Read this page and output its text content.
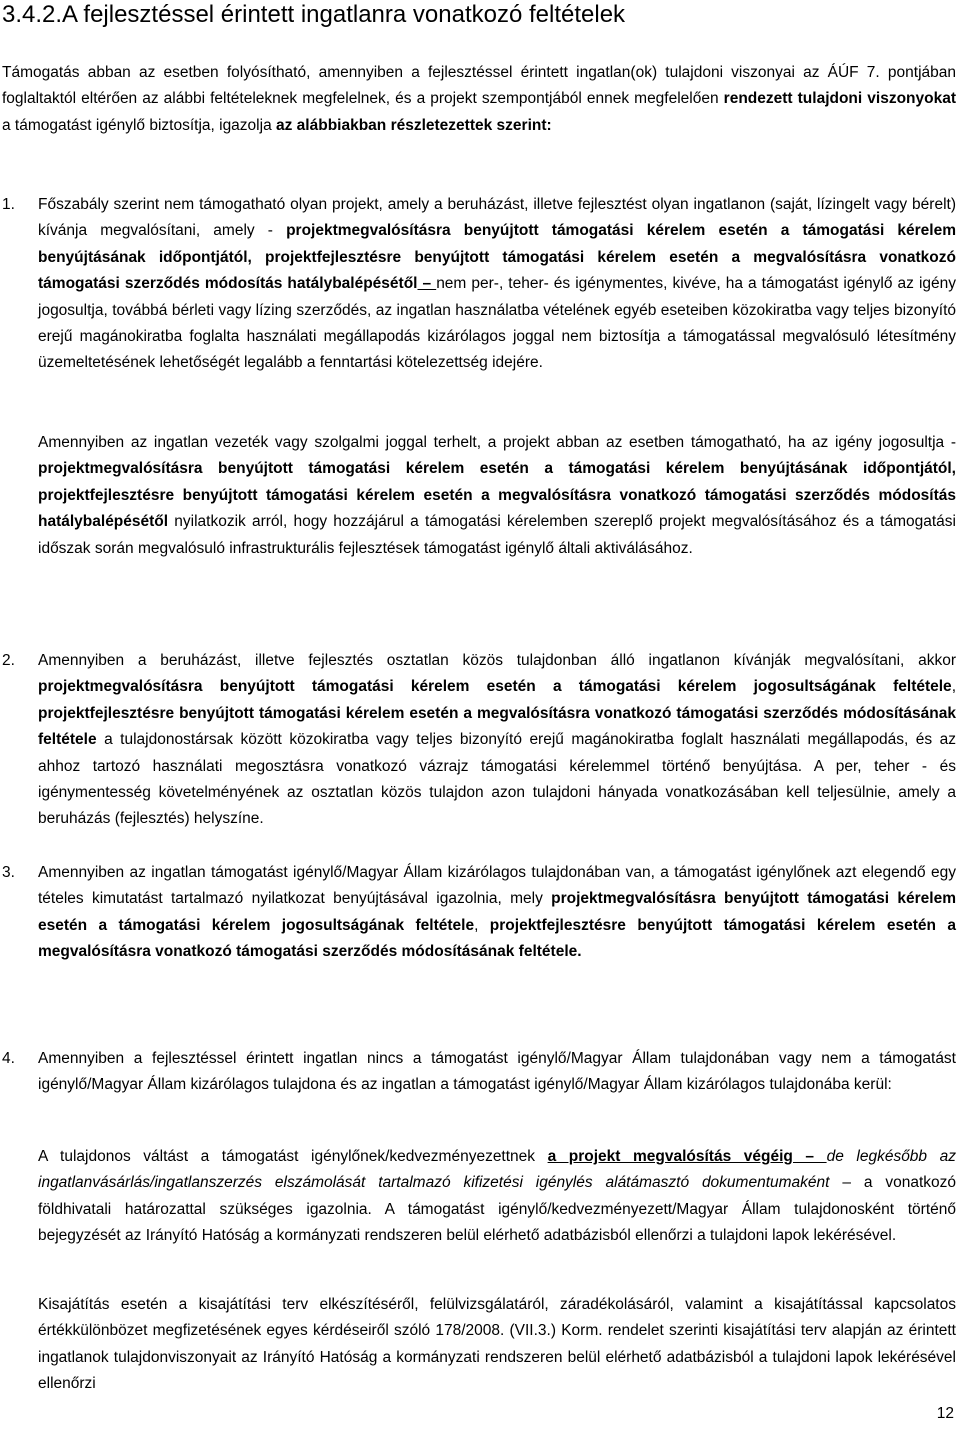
3.4.2.A fejlesztéssel érintett ingatlanra vonatkozó feltételek

Támogatás abban az esetben folyósítható, amennyiben a fejlesztéssel érintett ingatlan(ok) tulajdoni viszonyai az ÁÚF 7. pontjában foglaltaktól eltérően az alábbi feltételeknek megfelelnek, és a projekt szempontjából ennek megfelelően rendezett tulajdoni viszonyokat a támogatást igénylő biztosítja, igazolja az alábbiakban részletezettek szerint:

1. Főszabály szerint nem támogatható olyan projekt, amely a beruházást, illetve fejlesztést olyan ingatlanon (saját, lízingelt vagy bérelt) kívánja megvalósítani, amely - projektmegvalósításra benyújtott támogatási kérelem esetén a támogatási kérelem benyújtásának időpontjától, projektfejlesztésre benyújtott támogatási kérelem esetén a megvalósításra vonatkozó támogatási szerződés módosítás hatálybalépésétől – nem per-, teher- és igénymentes, kivéve, ha a támogatást igénylő az igény jogosultja, továbbá bérleti vagy lízing szerződés, az ingatlan használatba vételének egyéb eseteiben közokiratba vagy teljes bizonyító erejű magánokiratba foglalta használati megállapodás kizárólagos joggal nem biztosítja a támogatással megvalósuló létesítmény üzemeltetésének lehetőségét legalább a fenntartási kötelezettség idejére.

Amennyiben az ingatlan vezeték vagy szolgalmi joggal terhelt, a projekt abban az esetben támogatható, ha az igény jogosultja - projektmegvalósításra benyújtott támogatási kérelem esetén a támogatási kérelem benyújtásának időpontjától, projektfejlesztésre benyújtott támogatási kérelem esetén a megvalósításra vonatkozó támogatási szerződés módosítás hatálybalépésétől nyilatkozik arról, hogy hozzájárul a támogatási kérelemben szereplő projekt megvalósításához és a támogatási időszak során megvalósuló infrastrukturális fejlesztések támogatást igénylő általi aktiválásához.

2. Amennyiben a beruházást, illetve fejlesztés osztatlan közös tulajdonban álló ingatlanon kívánják megvalósítani, akkor projektmegvalósításra benyújtott támogatási kérelem esetén a támogatási kérelem jogosultságának feltétele, projektfejlesztésre benyújtott támogatási kérelem esetén a megvalósításra vonatkozó támogatási szerződés módosításának feltétele a tulajdonostársak között közokiratba vagy teljes bizonyító erejű magánokiratba foglalt használati megállapodás, és az ahhoz tartozó használati megosztásra vonatkozó vázrajz támogatási kérelemmel történő benyújtása. A per, teher - és igénymentesség követelményének az osztatlan közös tulajdon azon tulajdoni hányada vonatkozásában kell teljesülnie, amely a beruházás (fejlesztés) helyszíne.

3. Amennyiben az ingatlan támogatást igénylő/Magyar Állam kizárólagos tulajdonában van, a támogatást igénylőnek azt elegendő egy tételes kimutatást tartalmazó nyilatkozat benyújtásával igazolnia, mely projektmegvalósításra benyújtott támogatási kérelem esetén a támogatási kérelem jogosultságának feltétele, projektfejlesztésre benyújtott támogatási kérelem esetén a megvalósításra vonatkozó támogatási szerződés módosításának feltétele.

4. Amennyiben a fejlesztéssel érintett ingatlan nincs a támogatást igénylő/Magyar Állam tulajdonában vagy nem a támogatást igénylő/Magyar Állam kizárólagos tulajdona és az ingatlan a támogatást igénylő/Magyar Állam kizárólagos tulajdonába kerül:

A tulajdonos váltást a támogatást igénylőnek/kedvezményezettnek a projekt megvalósítás végéig – de legkésőbb az ingatlanvásárlás/ingatlanszerzés elszámolását tartalmazó kifizetési igénylés alátámasztó dokumentumaként – a vonatkozó földhivatali határozattal szükséges igazolnia. A támogatást igénylő/kedvezményezett/Magyar Állam tulajdonosként történő bejegyzését az Irányító Hatóság a kormányzati rendszeren belül elérhető adatbázisból ellenőrzi a tulajdoni lapok lekérésével.

Kisajátítás esetén a kisajátítási terv elkészítéséről, felülvizsgálatáról, záradékolásáról, valamint a kisajátítással kapcsolatos értékkülönbözet megfizetésének egyes kérdéseiről szóló 178/2008. (VII.3.) Korm. rendelet szerinti kisajátítási terv alapján az érintett ingatlanok tulajdonviszonyait az Irányító Hatóság a kormányzati rendszeren belül elérhető adatbázisból a tulajdoni lapok lekérésével ellenőrzi

12
